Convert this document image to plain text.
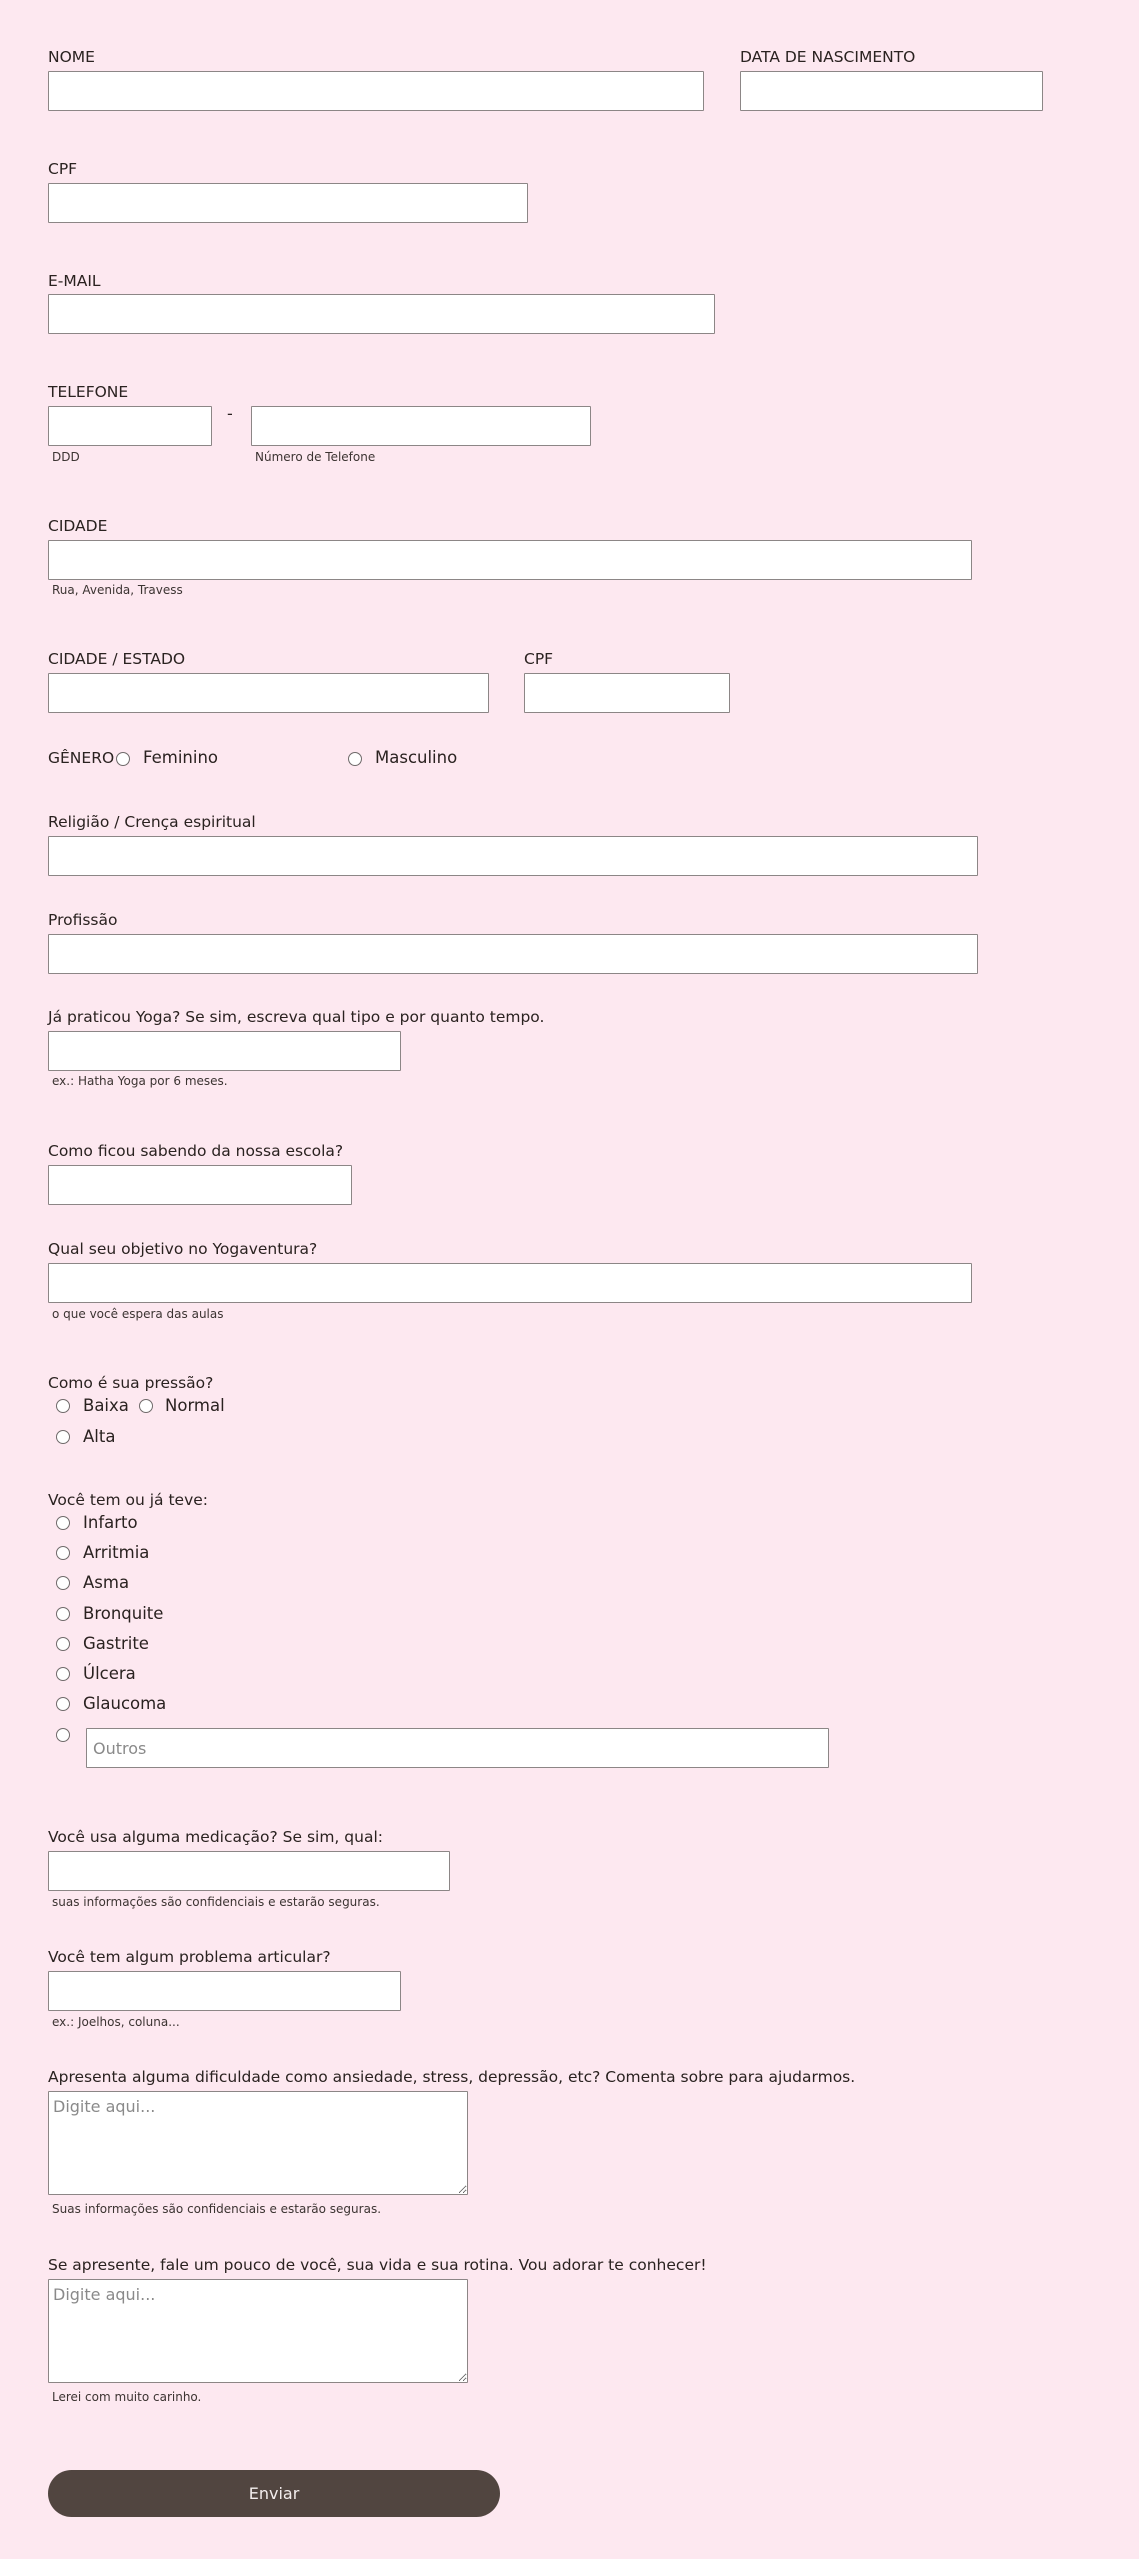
NOME	DATA DE NASCIMENTO
CPF
E-MAIL
TELEFONE
-
DDD	Número de Telefone
CIDADE
Rua, Avenida, Travess
CIDADE / ESTADO	CPF
GÊNERO Feminino	Masculino
Religião / Crença espiritual
Profissão
Já praticou Yoga? Se sim, escreva qual tipo e por quanto tempo.
ex.: Hatha Yoga por 6 meses.
Como ficou sabendo da nossa escola?
Qual seu objetivo no Yogaventura?
o que você espera das aulas
Como é sua pressão?
Baixa Normal
Alta
Você tem ou já teve:
Infarto
Arritmia
Asma
Bronquite
Gastrite
Úlcera
Glaucoma
Outros
Você usa alguma medicação? Se sim, qual:
suas informações são confidenciais e estarão seguras.
Você tem algum problema articular?
ex.: Joelhos, coluna...
Apresenta alguma dificuldade como ansiedade, stress, depressão, etc? Comenta sobre para ajudarmos.
Digite aqui...
Suas informações são confidenciais e estarão seguras.
Se apresente, fale um pouco de você, sua vida e sua rotina. Vou adorar te conhecer!
Digite aqui...
Lerei com muito carinho.
Enviar
